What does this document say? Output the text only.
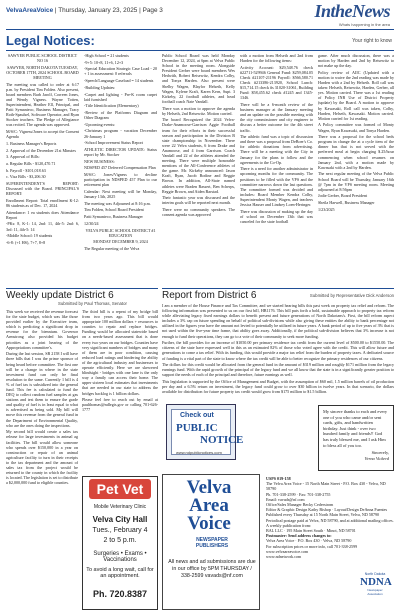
VelvaAreaVoice | Thursday, January 23, 2025 | Page 3	IntheNews
Whats happening in the area
Legal Notices:	Your right to know

SAWYER PUBLIC SCHOOL DISTRICT NO 16

SAWYER, NORTH DAKOTA TUESDAY, OCTOBER 17TH, 2024 SCHOOL BOARD MEETING

The meeting was called to order at 6:17 p.m. by President Tim Folden. Also present, board members Barb Jarolf, Correen Jones, and Wendy Vigness. Wayne Totten, Superintendent, Heather Ell, Principal, and Patti Symanieco, Business Manager, Tracy Roth-Spaulsel, Software Operator, and Ryan Stocker teachers. The Pledge of Allegiance was recited. The agenda was approved.

M/S/C: Vigness/Jones to accept the Consent Agenda

1. Business Manager's Reports

2. Approval of the December 21st Minutes

3. Approval of Bills:

a. Regular Bills - $120,470.71

b. Payroll - $101,018.63

c. Visa Bills - $3,206.30

SUPERINTENDENT'S REPORT: Discussed with the Board. PRINCIPAL'S REPORT:

Enrollment Report: Total enrollment K-12: 86 students as of Dec. 17, 2024

Attendance: 1 ea students does Attendance Report

-PKs: 8, K-1: 14, 2nd: 11, 4th-5: 2nd: 6, 3rd: 11, 4th-5: 14

-Middle School: 19 students

-6-8: (+1 HS), 7+7, 8+8

-High School = 21 students

-9+5: 10+8, 11+6, 12+3

-Special Education Strategic Case Load - 20 + 1 in assessment: 0 referrals

-Speech/Language Caseload = 14 students

-Building Updates:

-Carpet and lighting - Pre-K room carpet laid furnished

-Title Identification (Elementary)

-Review of the Platforms Diagram and Other Diagram

-Upcoming events:

-Christmas program - vacation December 26-January 1

-School Improvement Status Report

ATHLETIC DIRECTOR UPDATE: Status report by Mr. Stocker

NEW BUSINESS:

NDSPED 457 Deferred Compensation Plan

M/S/C: Jones/Vigness to decline participation in NDSPED 457 Plan to our retirement plan

Calendar: Next meeting will be Monday, January 13th, 2025

The meeting was Adjourned at 8:16 p.m.

Tim Folden, School Board President

Patti Symanieco, Business Manager

12/30/24

VELVA PUBLIC SCHOOL DISTRICT #1 EDUCATION

MONDAY DECEMBER 9, 2024

The Regular meeting of the Velva

Public School Board was held Monday December 12, 2024, at 6pm at Velva Public School in the meeting room. Alongside President Gerber were board members Wes Hedwith, Robert Reisewitz, Kendra Colby, and Tonya Harden. Also present were Shelby Wagen, Blaylor Helseth, Kelly Wagen, Kylene Kraft, Karen Kern, Supt. 3 Kirkeby, 22 football athletes, and head football coach Nate Vandall.

There was a motion to approve the agenda by Helseth, 2nd Reisewitz. Motion carried.

The board Recognized the 2024 Velva-Drake-Anamoose-Garrison Aggie Football team for their efforts in their successful season and participation in the Division B state championship in November. There were 22 Velva students, 6 from Drake and Anamoose, and 4 from Garrison. Coach Vandall and 22 of the athletes attended the meeting. There were multiple honorable mentions of the All-Conference athletes of the game. Mr. Kirkeby announced: Jason Kraft, Ryan, Jacob Bodine and Reggie Brown. In addition, All-State named athletes were Braden Bassert, Ben Scherps, Reggie Brown, and Aiden Barstad.

Their fantastic year was discussed and the interim goals will be reported next month.

There were no community speakers. The consent agenda was approved

with a motion from Helseth and 2nd from Harden for the following items:

Activity Account: $29,548.76 check #22711-529946 General Fund: $259,084.05 Check #21107-21196 Payroll: $566,580.71 Check #213386-213920, School Lunch: $15,714.15 check #s 31020-31061, Building Fund: $58,455.62 check #1245 and 1345-1346.

There will be a 6-month review of the business manager at the January meeting and an update on the possible meeting with the city commissioner and city engineer to discuss a better outcome for the 4th street traffic.

The athletic fund was a topic of discussion and there was a proposal from DeBoer's Co. for athletic donations from advertising. There will be a meeting with the City in January for the plans to follow and the agreements to the Co-Op.

There is a need for another administrator in upcoming months for the community. The positions to be filled with the VPS and the committee narrows down the last questions. The committee formed was decided and includes: Board Member Kendra Colby, Superintendent Monty Wagen, and teachers Jessica Hauser and Lindsey Loen-Heringer.

There was discussion of making up the day of school on December 13th that was canceled for the state football

game. After much discussion, there was a motion by Harden and 2nd by Reisewitz to not make up the day.

Policy review of AIIC (Updated with a motion to waive the 2nd reading was made by Harden with a 2nd by Helseth. Roll call was taken: Helseth, Reisewitz, Harden, Gerber, all yes. Motion carried. There was a 1st reading of Policy INB Use of District Property (update) by the Board. A motion to approve by Kawasaki, Roll call was taken, Colby, Harden, Helseth, Kawasaki. Motion carried. Motion carried for 1st reading.

A Policy committee was formed of Monty Wagen, Ryan Kawasaki, and Tonya Harden.

There was a proposal for the school beds program in change the at a cycle item of the dinner bus that is not served with the preferred meal at begin charging $.25/hour commencing when school resumes on January 2nd, with a motion made by Kawasaki with a 2nd by Harden.

The next regular meeting of the Velva Public School Board will be Thursday, January 16th @ 7pm in the VPS meeting room. Meeting adjourned at 8:56pm

Jodie Gerber, Board President

Sheila Harwell, Business Manager

1/23/2025

Weekly update District 6
Submitted by Paul Thomas, Senator

This week we received the revenue forecast for the state budget, which was like those provided earlier by the Executive team, which is predicting a significant drop in revenue for the biennium. Governor Armstrong also provided his budget priorities as a joint hearing of the Appropriations committee's.

During the last session, SB 2158 I will have three bills that I was the prime sponsor of being heard before committee. The first one will be a change in where in the state investment fund can only be final resolution to the same. Currently 1 bill is 4 % of fuel tax is subsidized into the general fund. This fee is calculated to fund the DEQ to collect random fuel samples at gas stations and test them to ensure the grade and quality of fuel is in least equal to what is advertised as being sold. My bill will move this revenue from the general fund in the Department of Environmental Quality, who are the ones doing the inspections.

My second bill would create a sales tax release for large investments in animal ag facilities. The bill would allow someone who spends over $150,000 in a year on construction or repair of an animal agriculture facility to turn in their receipts to the tax department and the amount of sales tax from the project would be returned to the county in which the facility is located. The legislation is set to distribute a $2,000,000 fund to eligible counties.

The third bill is a repeat of my bridge bill from two years ago. This bill would appropriate 100 million dollars + resources to counties to repair and replace bridges. Funding would be allocated statewide based on a needs-based assessment that is done every two years on our bridges. Counties have very significant numbers of bridges and many of them are in poor condition, causing reduced load ratings and hindering the ability of the agricultural industry and businesses to operate efficiently. Here we are skewered blindsight - bridges with one lane is the only way a family can access their home. The upper sixteen local estimates that investments that are needed in our state to address the bridges backlog is 1 billion dollars.

Please feel free to reach out by email at paulthomas@ndlegis.gov or calling 701-626-1777

Report from District 6	Submitted by Representative Dick Anderson

I am a member of the House Finance and Tax Committee, and we started hearing bills this past week on property tax relief and reform. The following information was presented to us on our first bill, HB1176. This bill puts forth a bold, sustainable approach to property tax reform while alleviating legacy fixed earnings dollars to benefit present and future generations of North Dakotans's. First, the bill reform aspect includes a 3% cap on future spending on behalf of political sub-divisions while also giving these entities the ability to bank percentage not utilized in the figures year have the amount not levied to potentially be utilized in future years. A bank period of up to five years of 3% that is not used within the five-year time frame, that ability goes away. Additionally, if the political sub-division believes that 3% increase is not enough to fund their operations, they can go to a vote of their community to seek more funding.

Further, the bill provides for an increase of $1050.00 per primary residence tax credit from the current level of $500.00 to $1550.00. The citizens of the state have expressed well in this as an estimated 82% of those who voted agree with the credit. This will allow future and generations to come a tax relief. With its funding, this would provide a major tax relief from the burden of property taxes. A dedicated source of funding is a vital part of the state to know where the tax credit will be able to better recognize the primary residences of our citizens.

The dollars for this credit would be allocated from the general fund in the amount of $319 million and roughly $171 million from the legacy earnings fund. With the rapid growth of the principal of the legacy fund and we all know that the state is in a significantly greater position to support the needs of each of the principal and therefore, future earnings as well.

This legislation is supported by the Office of Management and Budget, with the assumption of $60 mil, 1.5 million barrels of oil production per day and a 6.5% return on investment, the legacy fund could grow to over $30 billion in twelve years. In that scenario, the dollars available for distribution for future property tax credit would grow from $175 million to $1.5 billion.

Check out
PUBLIC
NOTICE
www.ndpublicnotices.com
My sincere thanks to each and every one of you who came and/or sent cards, gifts, and handwritten birthday. Just think - over two hundred family and friends!! God has truly blessed me, and I ask Him to bless all of you too.
Sincerely,
Verna Vickerd
Pet Vet
Mobile Veterinary Clinic
Velva City Hall
Tues., February 4
2 to 5 p.m.
Surgeries • Exams • Vaccinations
To avoid a long wait, call for an appointment.
Ph. 720.8387
Velva
Area
Voice
NEWSPAPER
PUBLISHERS
All news and ad submissions are due in our office by 5PM THURSDAY / 338-2599 vavads@nf.com
USPS 019-158
The Velva Area Voice - 15 North Main Street - P.O. Box 430 - Velva, ND 58790
Ph. 701-338-2599 · Fax: 701-338-2755
Email: vavads@nf.com
Office/Sales Manager Becky Cederstrom
Editor & Graphic Design Kathy Bishop · Layout/Design DeAnna Fuentes
Published every Thursday at 15 North Main Street, Velva, ND 58790
Periodical postage paid at Velva, ND 58790, and at additional mailing offices.
A weekly publication from:
BAL LLC · 195 Main Street South · Minot, ND 58701
Postmaster: Send address changes to:
Velva Area Voice · P.O. Box 430 · Velva, ND 58790
For subscription prices or more info, call 701-338-2599
www.velvaareavoice.com
www.ndnetwork.com
North Dakota
NDNA
Newspaper Association
